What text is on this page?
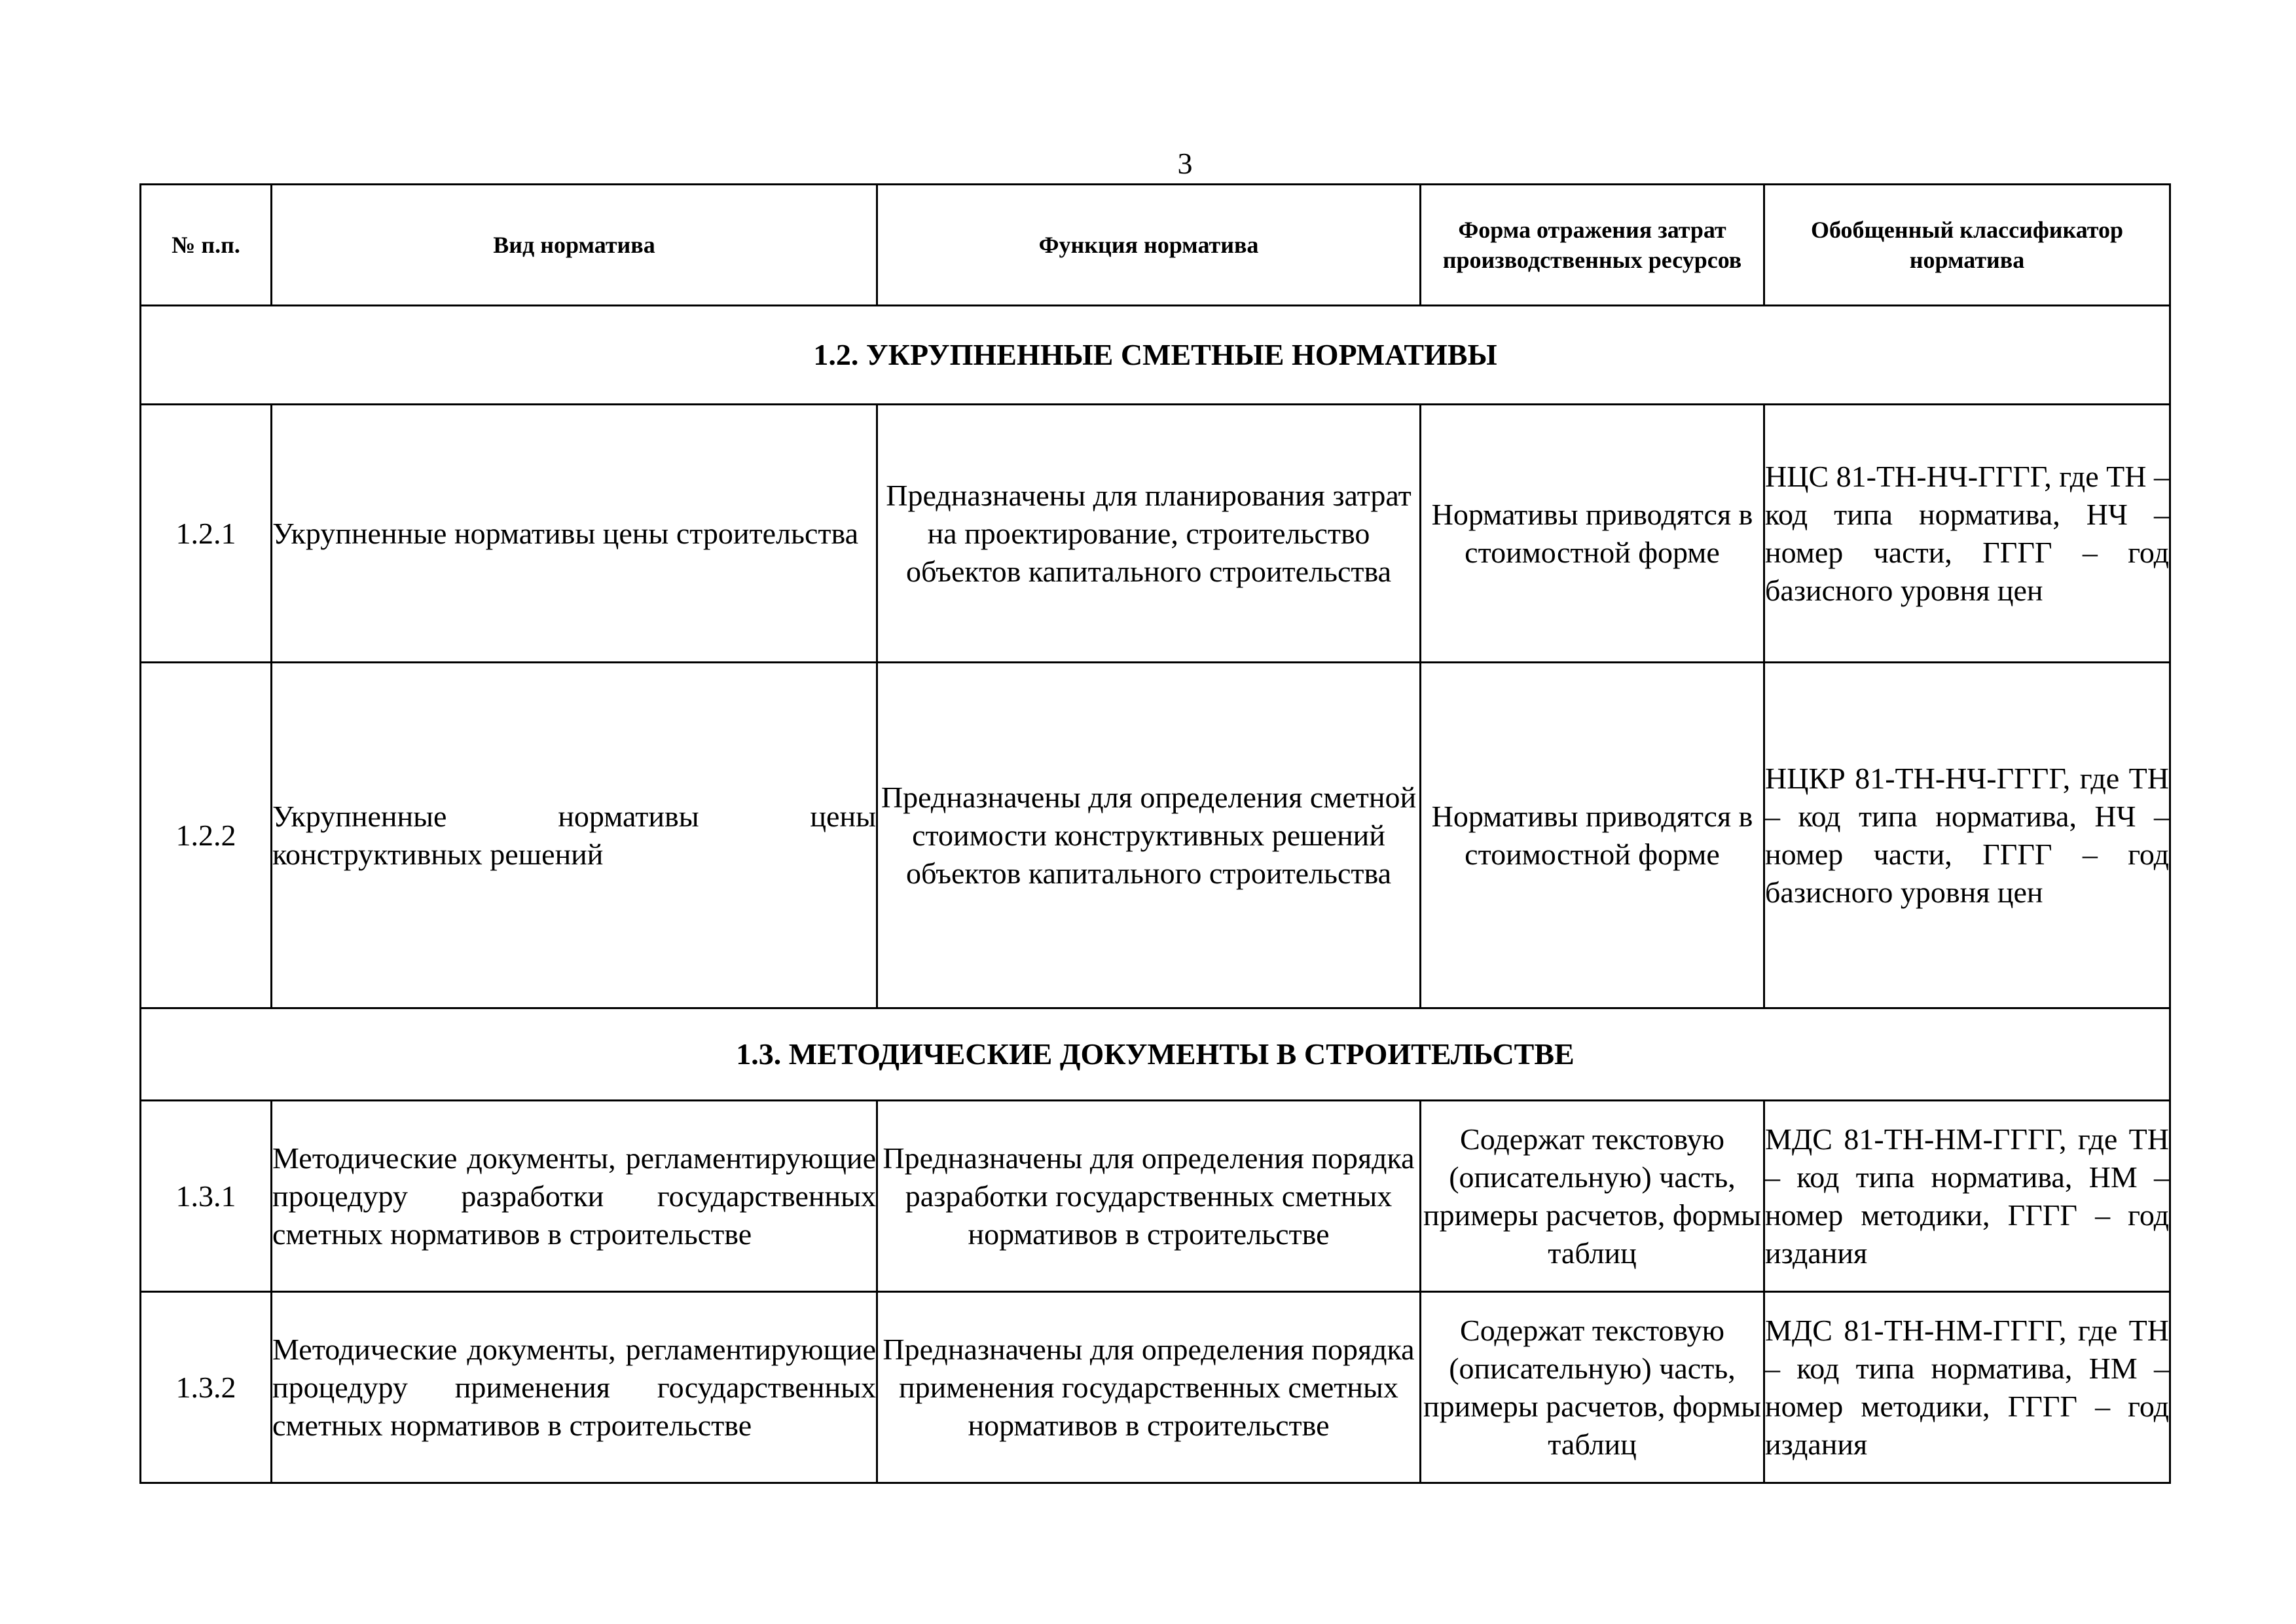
3
№ п.п.	Вид норматива	Функция норматива	Форма отражения затрат производственных ресурсов	Обобщенный классификатор норматива
1.2. УКРУПНЕННЫЕ СМЕТНЫЕ НОРМАТИВЫ				
1.2.1	Укрупненные нормативы цены строительства	Предназначены для планирования затрат на проектирование, строительство объектов капитального строительства	Нормативы приводятся в стоимостной форме	НЦС 81-ТН-НЧ-ГГГГ, где ТН – код типа норматива, НЧ – номер части, ГГГГ – год базисного уровня цен
1.2.2	Укрупненные нормативы цены конструктивных решений	Предназначены для определения сметной стоимости конструктивных решений объектов капитального строительства	Нормативы приводятся в стоимостной форме	НЦКР 81-ТН-НЧ-ГГГГ, где ТН – код типа норматива, НЧ – номер части, ГГГГ – год базисного уровня цен
1.3. МЕТОДИЧЕСКИЕ ДОКУМЕНТЫ В СТРОИТЕЛЬСТВЕ				
1.3.1	Методические документы, регламентирующие процедуру разработки государственных сметных нормативов в строительстве	Предназначены для определения порядка разработки государственных сметных нормативов в строительстве	Содержат текстовую (описательную) часть, примеры расчетов, формы таблиц	МДС 81-ТН-НМ-ГГГГ, где ТН – код типа норматива, НМ – номер методики, ГГГГ – год издания
1.3.2	Методические документы, регламентирующие процедуру применения государственных сметных нормативов в строительстве	Предназначены для определения порядка применения государственных сметных нормативов в строительстве	Содержат текстовую (описательную) часть, примеры расчетов, формы таблиц	МДС 81-ТН-НМ-ГГГГ, где ТН – код типа норматива, НМ – номер методики, ГГГГ – год издания
